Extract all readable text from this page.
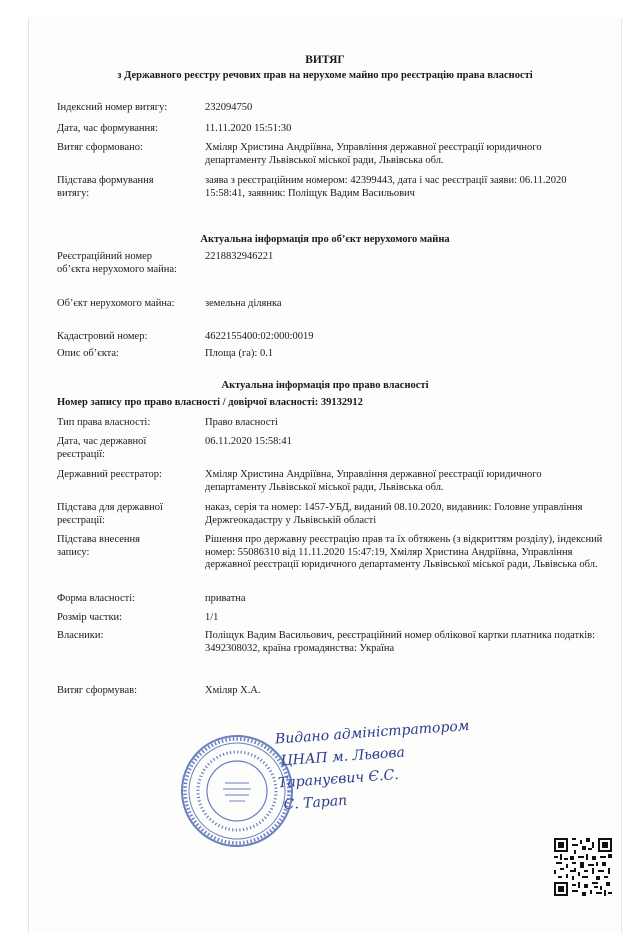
ВИТЯГ
з Державного реєстру речових прав на нерухоме майно про реєстрацію права власності
Індексний номер витягу:	232094750
Дата, час формування:	11.11.2020 15:51:30
Витяг сформовано:	Хміляр Христина Андріївна, Управління державної реєстрації юридичного департаменту Львівської міської ради, Львівська обл.
Підстава формування витягу:
заява з реєстраційним номером: 42399443, дата і час реєстрації заяви: 06.11.2020 15:58:41, заявник: Поліщук Вадим Васильович
Актуальна інформація про об’єкт нерухомого майна
Реєстраційний номер об’єкта нерухомого майна:
2218832946221
Об’єкт нерухомого майна:	земельна ділянка
Кадастровий номер:	4622155400:02:000:0019
Опис об’єкта:	Площа (га): 0.1
Актуальна інформація про право власності
Номер запису про право власності / довірчої власності: 39132912
Тип права власності:	Право власності
Дата, час державної реєстрації:
06.11.2020 15:58:41
Державний реєстратор:	Хміляр Христина Андріївна, Управління державної реєстрації юридичного департаменту Львівської міської ради, Львівська обл.
Підстава для державної реєстрації:
наказ, серія та номер: 1457-УБД, виданий 08.10.2020, видавник: Головне управління Держгеокадастру у Львівській області
Підстава внесення запису:
Рішення про державну реєстрацію прав та їх обтяжень (з відкриттям розділу), індексний номер: 55086310 від 11.11.2020 15:47:19, Хміляр Христина Андріївна, Управління державної реєстрації юридичного департаменту Львівської міської ради, Львівська обл.
Форма власності:	приватна
Розмір частки:	1/1
Власники:	Поліщук Вадим Васильович, реєстраційний номер облікової картки платника податків: 3492308032, країна громадянства: Україна
Витяг сформував:	Хміляр Х.А.
Видано адміністратором
ЦНАП м. Львова
Тарануєвич Є.С.
С. Тарап
